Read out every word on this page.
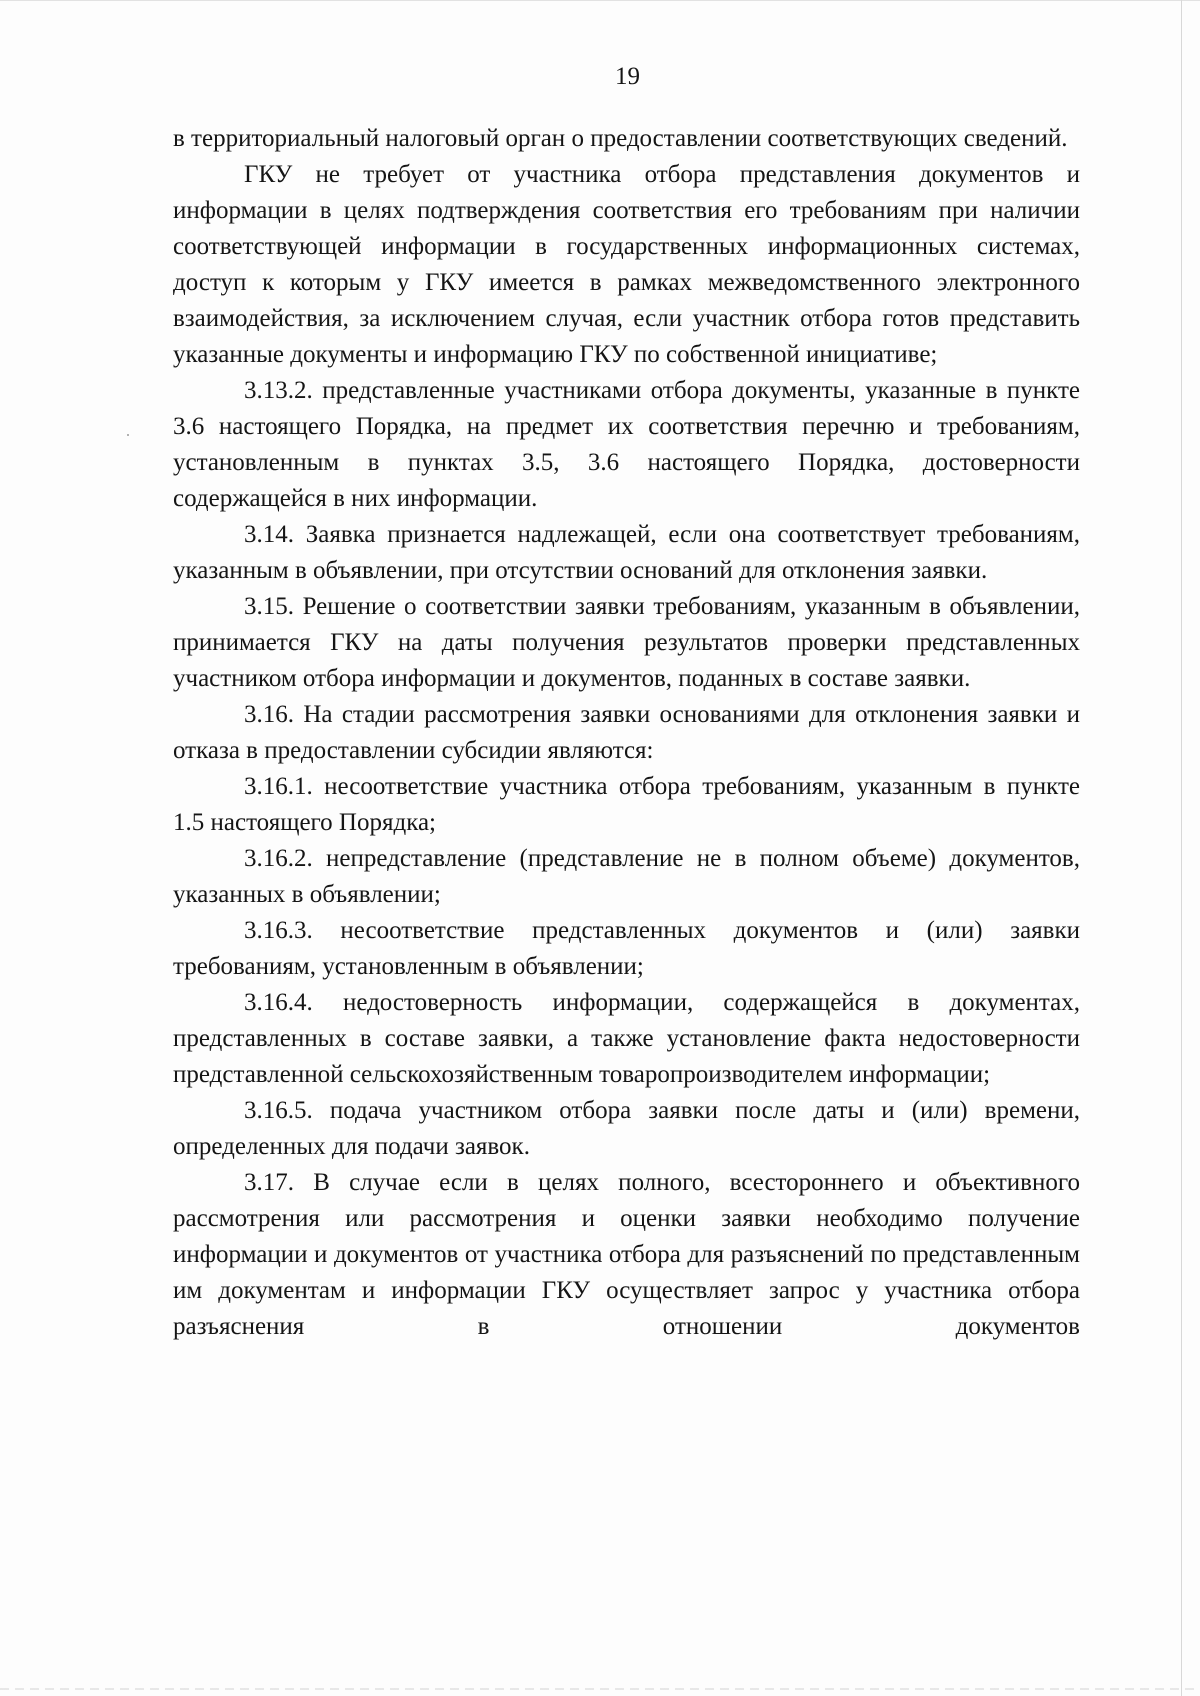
19

в территориальный налоговый орган о предоставлении соответствующих сведений.

ГКУ не требует от участника отбора представления документов и информации в целях подтверждения соответствия его требованиям при наличии соответствующей информации в государственных информационных системах, доступ к которым у ГКУ имеется в рамках межведомственного электронного взаимодействия, за исключением случая, если участник отбора готов представить указанные документы и информацию ГКУ по собственной инициативе;

3.13.2. представленные участниками отбора документы, указанные в пункте 3.6 настоящего Порядка, на предмет их соответствия перечню и требованиям, установленным в пунктах 3.5, 3.6 настоящего Порядка, достоверности содержащейся в них информации.

3.14. Заявка признается надлежащей, если она соответствует требованиям, указанным в объявлении, при отсутствии оснований для отклонения заявки.

3.15. Решение о соответствии заявки требованиям, указанным в объявлении, принимается ГКУ на даты получения результатов проверки представленных участником отбора информации и документов, поданных в составе заявки.

3.16. На стадии рассмотрения заявки основаниями для отклонения заявки и отказа в предоставлении субсидии являются:

3.16.1. несоответствие участника отбора требованиям, указанным в пункте 1.5 настоящего Порядка;

3.16.2. непредставление (представление не в полном объеме) документов, указанных в объявлении;

3.16.3. несоответствие представленных документов и (или) заявки требованиям, установленным в объявлении;

3.16.4. недостоверность информации, содержащейся в документах, представленных в составе заявки, а также установление факта недостоверности представленной сельскохозяйственным товаропроизводителем информации;

3.16.5. подача участником отбора заявки после даты и (или) времени, определенных для подачи заявок.

3.17. В случае если в целях полного, всестороннего и объективного рассмотрения или рассмотрения и оценки заявки необходимо получение информации и документов от участника отбора для разъяснений по представленным им документам и информации ГКУ осуществляет запрос у участника отбора разъяснения в отношении документов
